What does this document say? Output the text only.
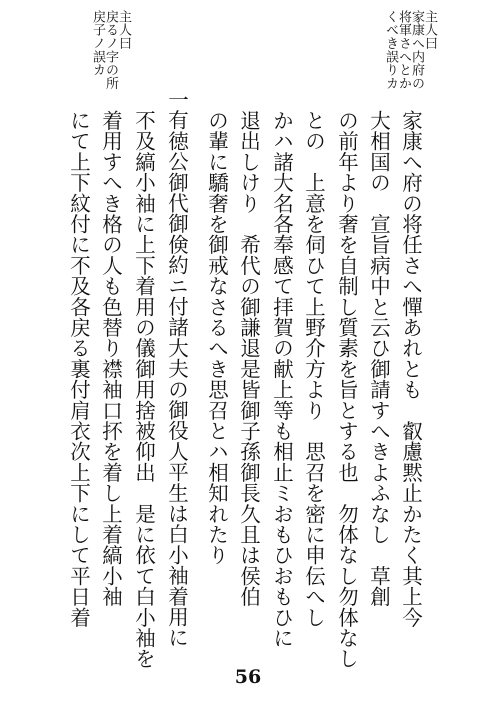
主人曰
家康へ内府の
将軍さへとか
くべき誤りカ
主人曰
戻るノ字の所
戻子ノ誤カ
家康へ府の将任さへ憚あれとも　叡慮黙止かたく其上今
大相国の　宣旨病中と云ひ御請すへきよふなし　草創
の前年より奢を自制し質素を旨とする也　勿体なし勿体なし
との　上意を伺ひて上野介方より　思召を密に申伝へし
かハ諸大名各奉感て拝賀の献上等も相止ミおもひおもひに
退出しけり　希代の御謙退是皆御子孫御長久且は侯伯
の輩に驕奢を御戒なさるへき思召とハ相知れたり
一有徳公御代御倹約ニ付諸大夫の御役人平生は白小袖着用に
不及縞小袖に上下着用の儀御用捨被仰出　是に依て白小袖を
着用すへき格の人も色替り襟袖口抔を着し上着縞小袖
にて上下紋付に不及各戻る裏付肩衣次上下にして平日着
56
